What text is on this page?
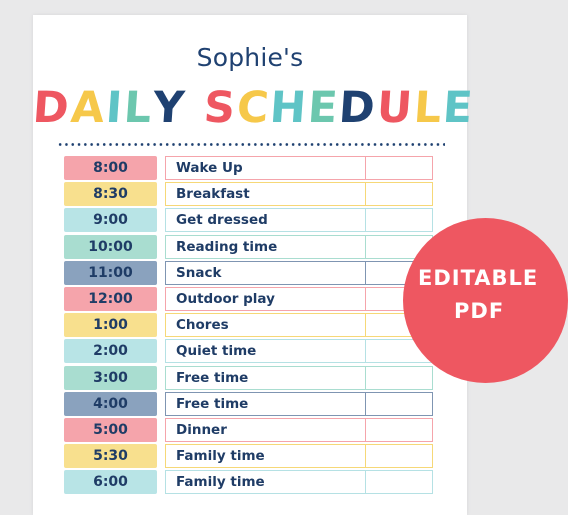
Sophie's
DAILY SCHEDULE
8:00	Wake Up
8:30	Breakfast
9:00	Get dressed
10:00	Reading time
11:00	Snack
12:00	Outdoor play
1:00	Chores
2:00	Quiet time
3:00	Free time
4:00	Free time
5:00	Dinner
5:30	Family time
6:00	Family time
EDITABLE
PDF
